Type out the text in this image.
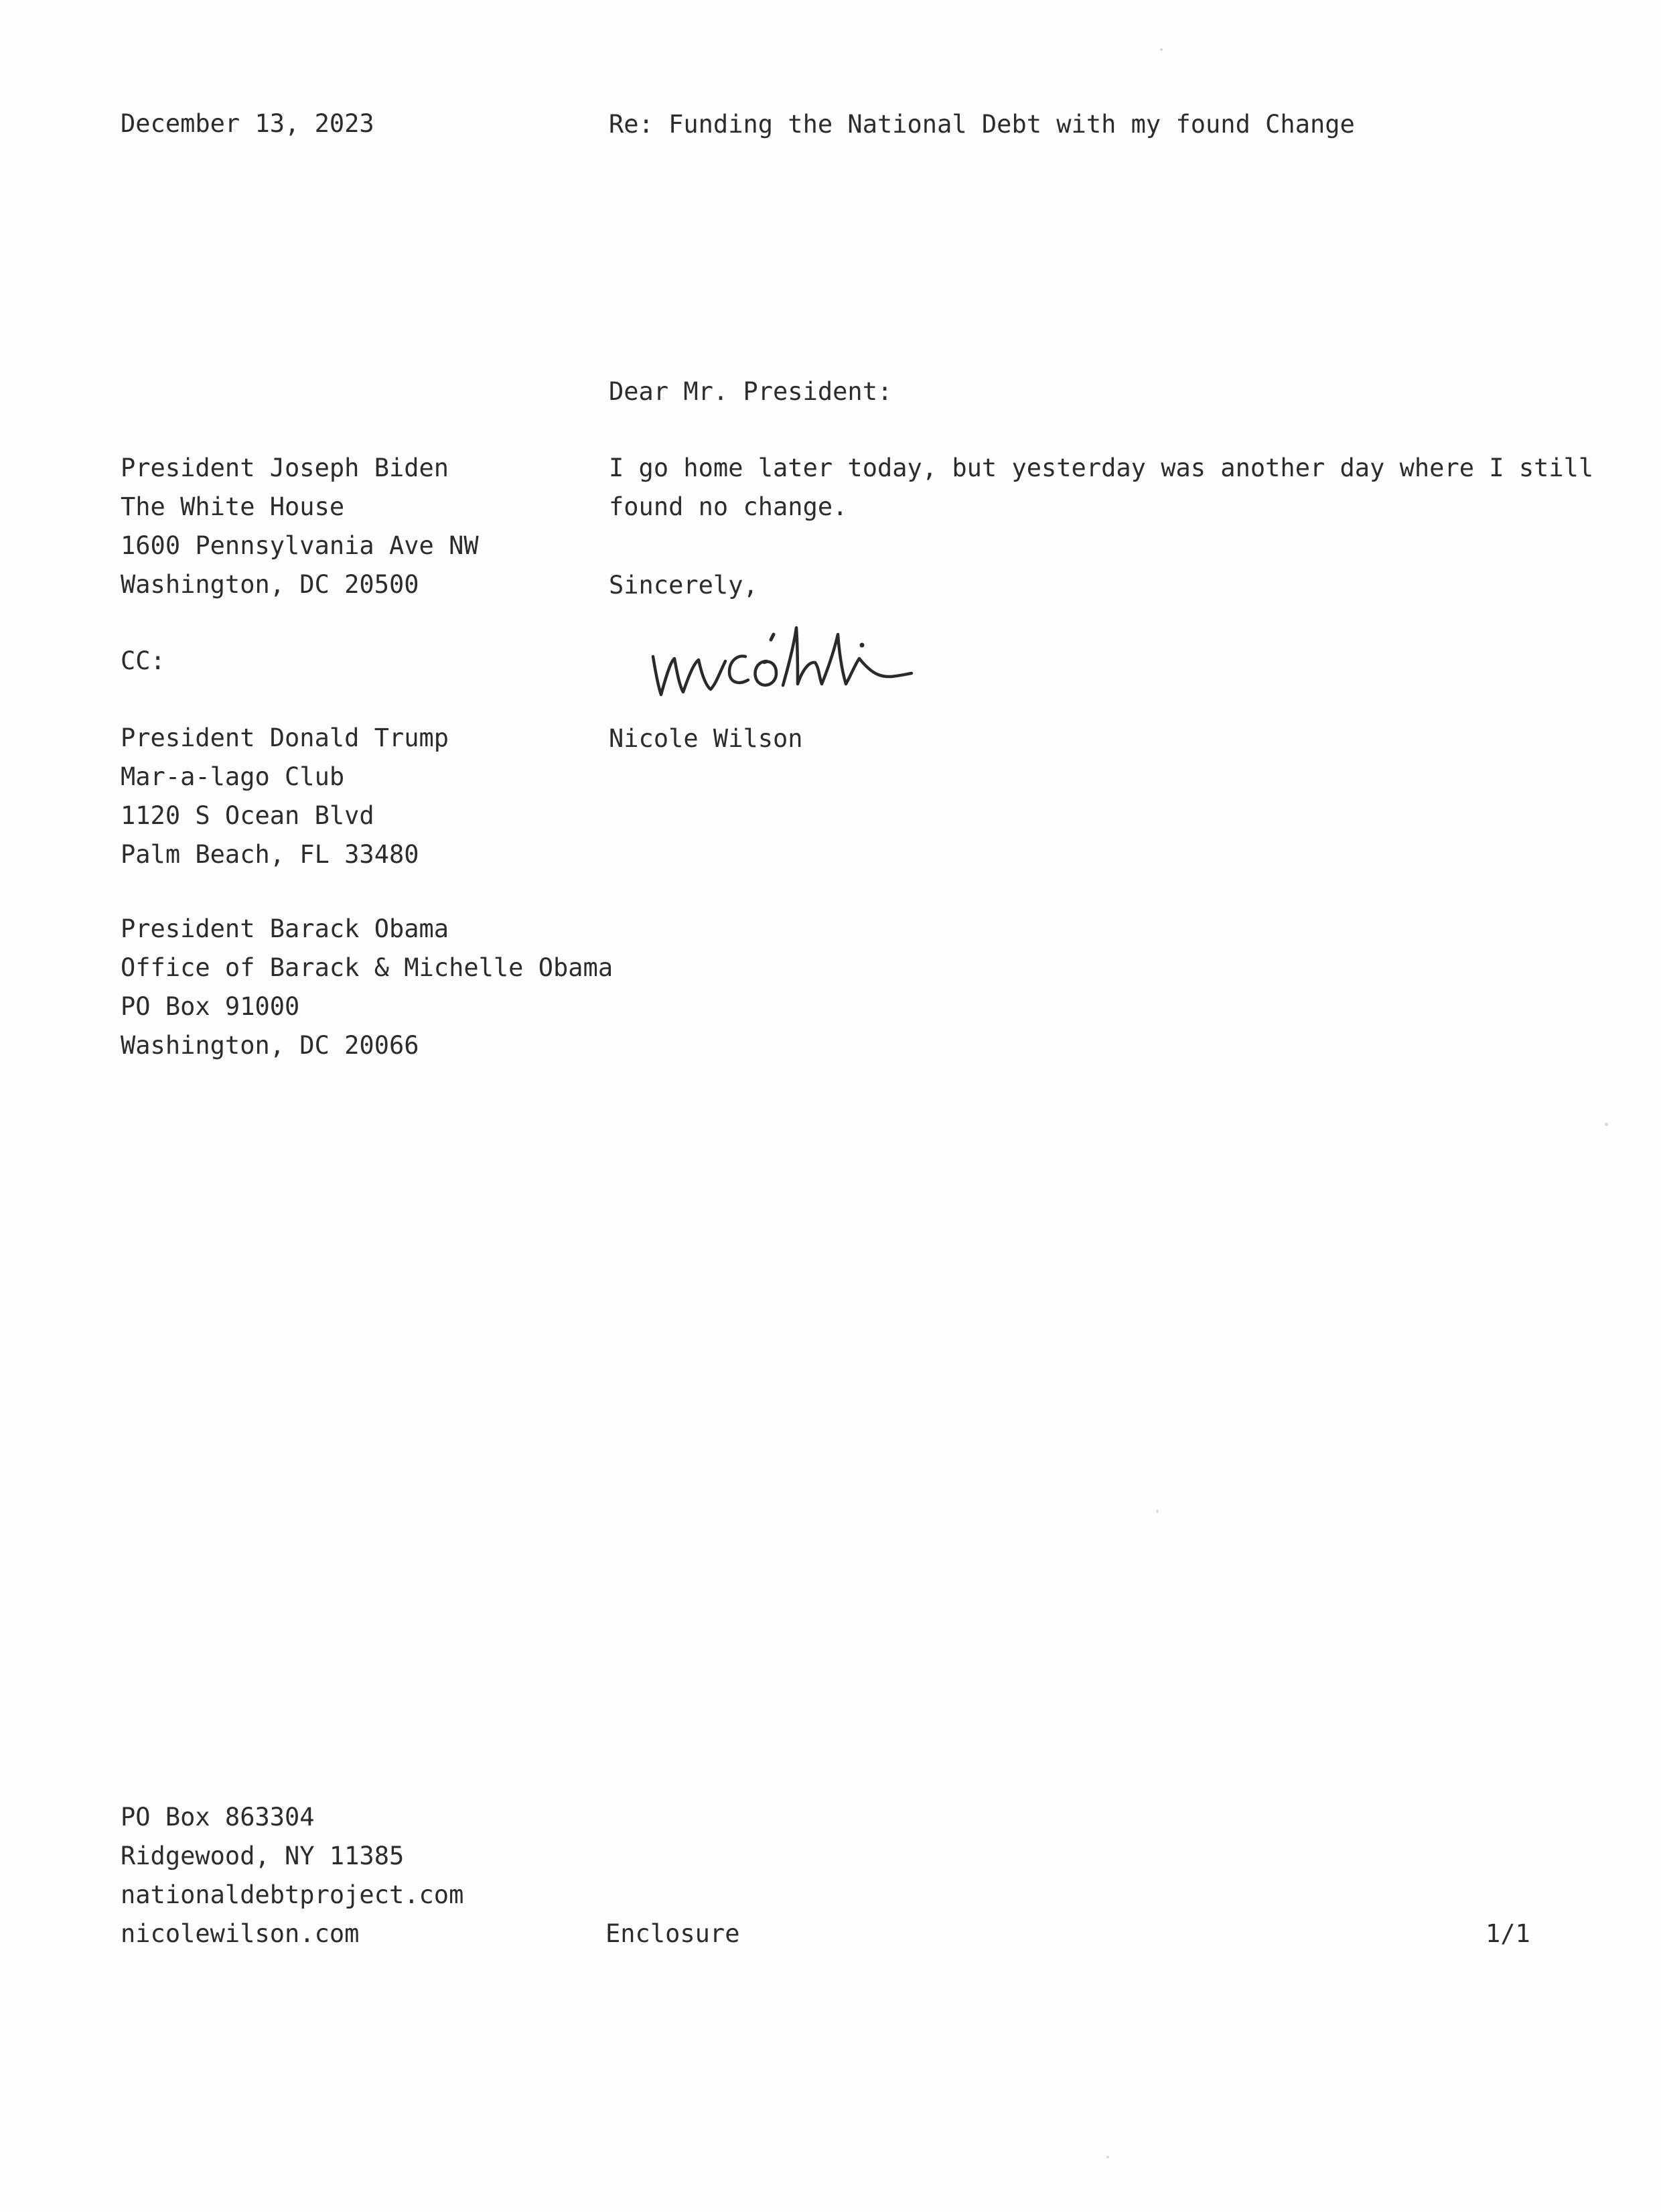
December 13, 2023	Re: Funding the National Debt with my found Change
Dear Mr. President:
President Joseph Biden
The White House
1600 Pennsylvania Ave NW
Washington, DC 20500
I go home later today, but yesterday was another day where I still
found no change.
Sincerely,
CC:
Nicole Wilson
President Donald Trump
Mar-a-lago Club
1120 S Ocean Blvd
Palm Beach, FL 33480
President Barack Obama
Office of Barack & Michelle Obama
PO Box 91000
Washington, DC 20066
PO Box 863304
Ridgewood, NY 11385
nationaldebtproject.com
nicolewilson.com	Enclosure	1/1
